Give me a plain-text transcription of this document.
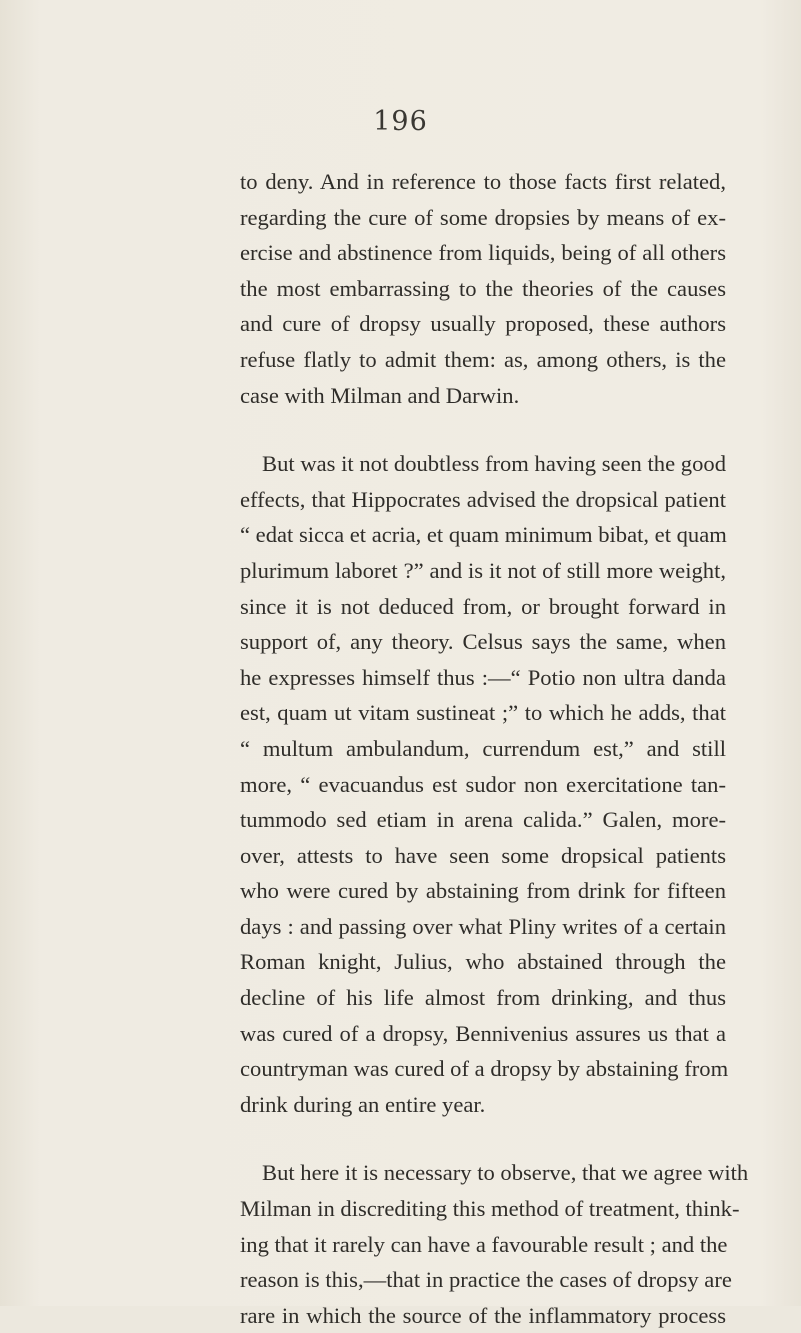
196
to deny. And in reference to those facts first related,
regarding the cure of some dropsies by means of ex-
ercise and abstinence from liquids, being of all others
the most embarrassing to the theories of the causes
and cure of dropsy usually proposed, these authors
refuse flatly to admit them: as, among others, is the
case with Milman and Darwin.
But was it not doubtless from having seen the good
effects, that Hippocrates advised the dropsical patient
“ edat sicca et acria, et quam minimum bibat, et quam
plurimum laboret ?” and is it not of still more weight,
since it is not deduced from, or brought forward in
support of, any theory. Celsus says the same, when
he expresses himself thus :—“ Potio non ultra danda
est, quam ut vitam sustineat ;” to which he adds, that
“ multum ambulandum, currendum est,” and still
more, “ evacuandus est sudor non exercitatione tan-
tummodo sed etiam in arena calida.” Galen, more-
over, attests to have seen some dropsical patients
who were cured by abstaining from drink for fifteen
days : and passing over what Pliny writes of a certain
Roman knight, Julius, who abstained through the
decline of his life almost from drinking, and thus
was cured of a dropsy, Bennivenius assures us that a
countryman was cured of a dropsy by abstaining from
drink during an entire year.
But here it is necessary to observe, that we agree with
Milman in discrediting this method of treatment, think-
ing that it rarely can have a favourable result ; and the
reason is this,—that in practice the cases of dropsy are
rare in which the source of the inflammatory process
